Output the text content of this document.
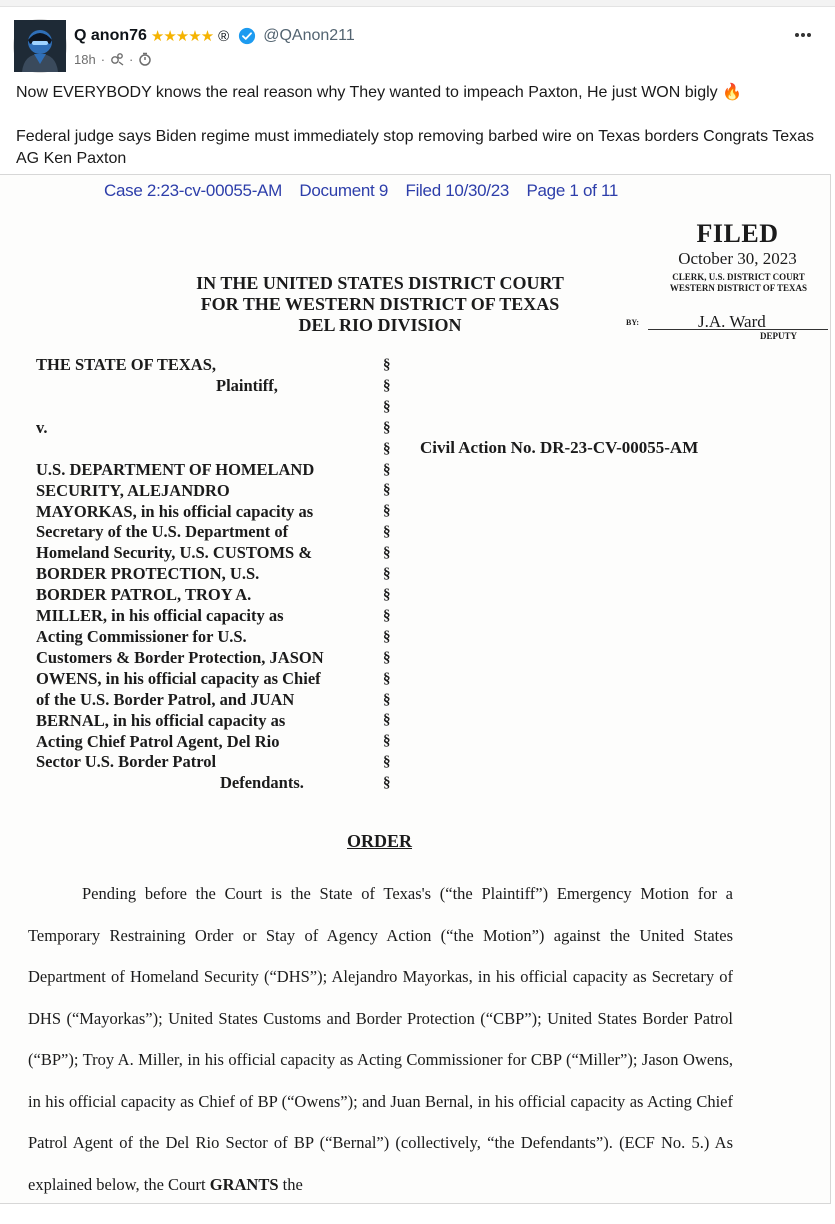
Q anon76 ★★★★★ ® @QAnon211
18h · ·

Now EVERYBODY knows the real reason why They wanted to impeach Paxton, He just WON bigly 🔥

Federal judge says Biden regime must immediately stop removing barbed wire on Texas borders Congrats Texas AG Ken Paxton

Case 2:23-cv-00055-AM Document 9 Filed 10/30/23 Page 1 of 11
FILED
October 30, 2023
CLERK, U.S. DISTRICT COURT
WESTERN DISTRICT OF TEXAS
BY:	J.A. Ward
DEPUTY
IN THE UNITED STATES DISTRICT COURT
FOR THE WESTERN DISTRICT OF TEXAS
DEL RIO DIVISION
THE STATE OF TEXAS,
Plaintiff,
v.
U.S. DEPARTMENT OF HOMELAND
SECURITY, ALEJANDRO
MAYORKAS, in his official capacity as
Secretary of the U.S. Department of
Homeland Security, U.S. CUSTOMS &
BORDER PROTECTION, U.S.
BORDER PATROL, TROY A.
MILLER, in his official capacity as
Acting Commissioner for U.S.
Customers & Border Protection, JASON
OWENS, in his official capacity as Chief
of the U.S. Border Patrol, and JUAN
BERNAL, in his official capacity as
Acting Chief Patrol Agent, Del Rio
Sector U.S. Border Patrol
Defendants.
§
§
§
§
§
§
§
§
§
§
§
§
§
§
§
§
§
§
§
§
§
Civil Action No. DR-23-CV-00055-AM
ORDER
Pending before the Court is the State of Texas's (“the Plaintiff”) Emergency Motion for a Temporary Restraining Order or Stay of Agency Action (“the Motion”) against the United States Department of Homeland Security (“DHS”); Alejandro Mayorkas, in his official capacity as Secretary of DHS (“Mayorkas”); United States Customs and Border Protection (“CBP”); United States Border Patrol (“BP”); Troy A. Miller, in his official capacity as Acting Commissioner for CBP (“Miller”); Jason Owens, in his official capacity as Chief of BP (“Owens”); and Juan Bernal, in his official capacity as Acting Chief Patrol Agent of the Del Rio Sector of BP (“Bernal”) (collectively, “the Defendants”). (ECF No. 5.) As explained below, the Court GRANTS the
